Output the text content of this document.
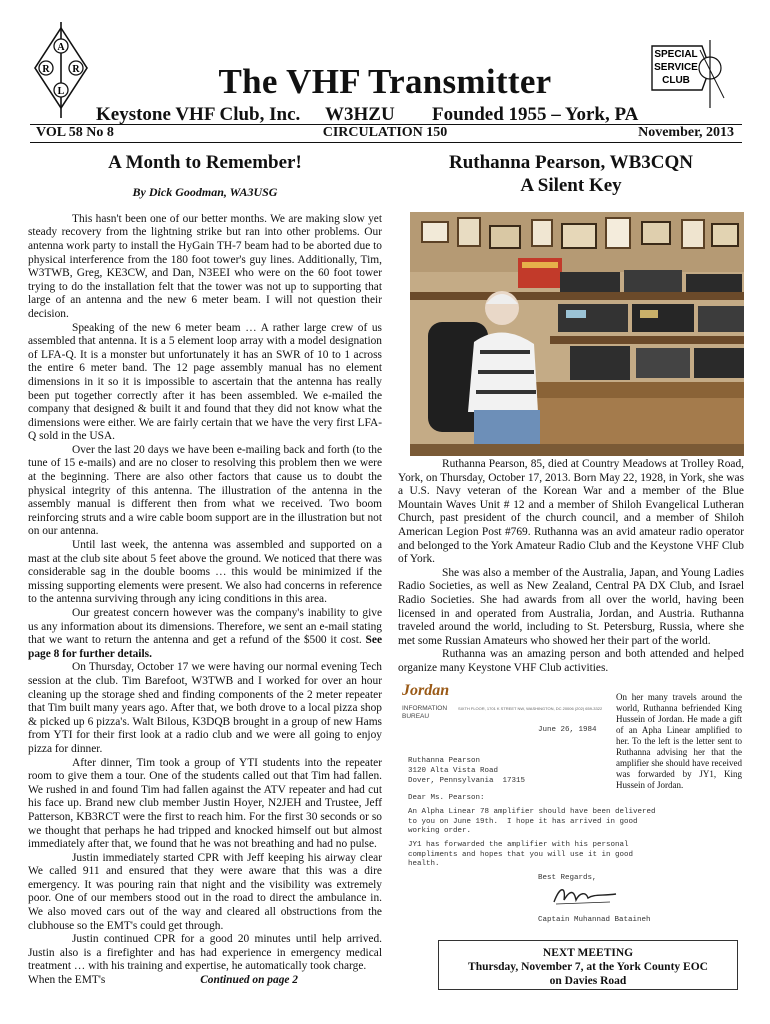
A
R R
L
SPECIAL
SERVICE
CLUB
The VHF Transmitter
Keystone VHF Club, Inc. W3HZU Founded 1955 – York, PA
VOL 58 No 8	CIRCULATION 150	November, 2013
A Month to Remember!
By Dick Goodman, WA3USG

This hasn't been one of our better months. We are making slow yet steady recovery from the lightning strike but ran into other problems. Our antenna work party to install the HyGain TH-7 beam had to be aborted due to physical interference from the 180 foot tower's guy lines. Additionally, Tim, W3TWB, Greg, KE3CW, and Dan, N3EEI who were on the 60 foot tower trying to do the installation felt that the tower was not up to supporting that large of an antenna and the new 6 meter beam. I will not question their decision.

Speaking of the new 6 meter beam … A rather large crew of us assembled that antenna. It is a 5 element loop array with a model designation of LFA-Q. It is a monster but unfortunately it has an SWR of 10 to 1 across the entire 6 meter band. The 12 page assembly manual has no element dimensions in it so it is impossible to ascertain that the antenna has really been put together correctly after it has been assembled. We e-mailed the company that designed & built it and found that they did not know what the dimensions were either. We are fairly certain that we have the very first LFA-Q sold in the USA.

Over the last 20 days we have been e-mailing back and forth (to the tune of 15 e-mails) and are no closer to resolving this problem then we were at the beginning. There are also other factors that cause us to doubt the physical integrity of this antenna. The illustration of the antenna in the assembly manual is different then from what we received. Two boom reinforcing struts and a wire cable boom support are in the illustration but not on our antenna.

Until last week, the antenna was assembled and supported on a mast at the club site about 5 feet above the ground. We noticed that there was considerable sag in the double booms … this would be minimized if the missing supporting elements were present. We also had concerns in reference to the antenna surviving through any icing conditions in this area.

Our greatest concern however was the company's inability to give us any information about its dimensions. Therefore, we sent an e-mail stating that we want to return the antenna and get a refund of the $500 it cost. See page 8 for further details.

On Thursday, October 17 we were having our normal evening Tech session at the club. Tim Barefoot, W3TWB and I worked for over an hour cleaning up the storage shed and finding components of the 2 meter repeater that Tim built many years ago. After that, we both drove to a local pizza shop & picked up 6 pizza's. Walt Bilous, K3DQB brought in a group of new Hams from YTI for their first look at a radio club and we were all going to enjoy pizza for dinner.

After dinner, Tim took a group of YTI students into the repeater room to give them a tour. One of the students called out that Tim had fallen. We rushed in and found Tim had fallen against the ATV repeater and had cut his face up. Brand new club member Justin Hoyer, N2JEH and Trustee, Jeff Patterson, KB3RCT were the first to reach him. For the first 30 seconds or so we thought that perhaps he had tripped and knocked himself out but almost immediately after that, we found that he was not breathing and had no pulse.

Justin immediately started CPR with Jeff keeping his airway clear We called 911 and ensured that they were aware that this was a dire emergency. It was pouring rain that night and the visibility was extremely poor. One of our members stood out in the road to direct the ambulance in. We also moved cars out of the way and cleared all obstructions from the clubhouse so the EMT's could get through.

Justin continued CPR for a good 20 minutes until help arrived. Justin also is a firefighter and has had experience in emergency medical treatment … with his training and expertise, he automatically took charge.

When the EMT's	Continued on page 2
Ruthanna Pearson, WB3CQN
A Silent Key

Ruthanna Pearson, 85, died at Country Meadows at Trolley Road, York, on Thursday, October 17, 2013. Born May 22, 1928, in York, she was a U.S. Navy veteran of the Korean War and a member of the Blue Mountain Waves Unit # 12 and a member of Shiloh Evangelical Lutheran Church, past president of the church council, and a member of Shiloh American Legion Post #769. Ruthanna was an avid amateur radio operator and belonged to the York Amateur Radio Club and the Keystone VHF Club of York.

She was also a member of the Australia, Japan, and Young Ladies Radio Societies, as well as New Zealand, Central PA DX Club, and Israel Radio Societies. She had awards from all over the world, having been licensed in and operated from Australia, Jordan, and Austria. Ruthanna traveled around the world, including to St. Petersburg, Russia, where she met some Russian Amateurs who showed her their part of the world.

Ruthanna was an amazing person and both attended and helped organize many Keystone VHF Club activities.

Jordan
INFORMATION
BUREAU
SIXTH FLOOR, 1701 K STREET NW, WASHINGTON, DC 20006 (202) 659-3322
June 26, 1984
Ruthanna Pearson
3120 Alta Vista Road
Dover, Pennsylvania  17315
Dear Ms. Pearson:
An Alpha Linear 78 amplifier should have been delivered
to you on June 19th.  I hope it has arrived in good
working order.
JY1 has forwarded the amplifier with his personal
compliments and hopes that you will use it in good
health.
Best Regards,
Captain Muhannad Bataineh
On her many travels around the world, Ruthanna befriended King Hussein of Jordan. He made a gift of an Apha Linear amplified to her. To the left is the letter sent to Ruthanna advising her that the amplifier she should have received was forwarded by JY1, King Hussein of Jordan.
NEXT MEETING
Thursday, November 7, at the York County EOC
on Davies Road
